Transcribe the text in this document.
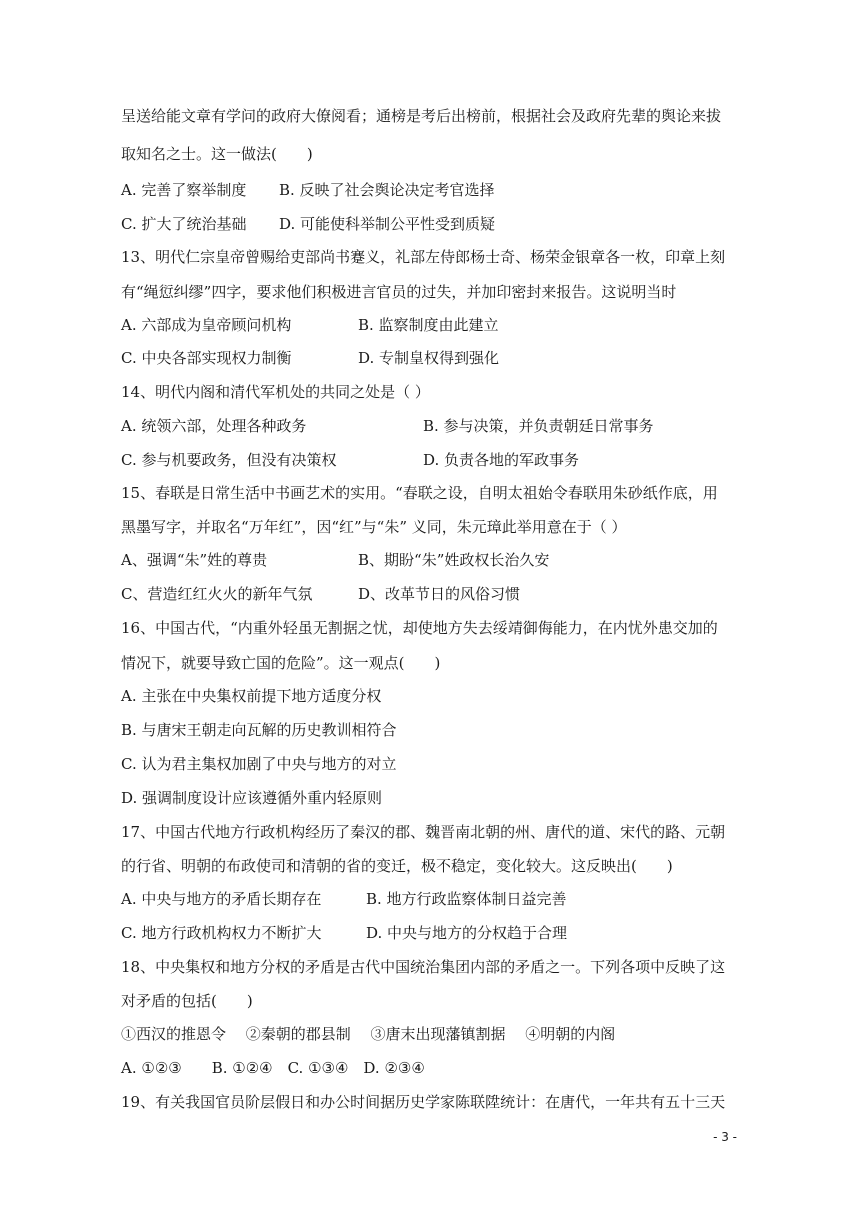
呈送给能文章有学问的政府大僚阅看；通榜是考后出榜前，根据社会及政府先辈的舆论来拔
取知名之士。这一做法(　　)
A. 完善了察举制度 B. 反映了社会舆论决定考官选择
C. 扩大了统治基础 D. 可能使科举制公平性受到质疑
13、明代仁宗皇帝曾赐给吏部尚书蹇义，礼部左侍郎杨士奇、杨荣金银章各一枚，印章上刻
有“绳愆纠缪”四字，要求他们积极进言官员的过失，并加印密封来报告。这说明当时
A. 六部成为皇帝顾问机构	B. 监察制度由此建立
C. 中央各部实现权力制衡	D. 专制皇权得到强化
14、明代内阁和清代军机处的共同之处是（ ）
A. 统领六部，处理各种政务	B. 参与决策，并负责朝廷日常事务
C. 参与机要政务，但没有决策权	D. 负责各地的军政事务
15、春联是日常生活中书画艺术的实用。“春联之设，自明太祖始令春联用朱砂纸作底，用
黑墨写字，并取名“万年红”，因“红”与“朱” 义同，朱元璋此举用意在于（ ）
A、强调“朱”姓的尊贵	B、期盼“朱”姓政权长治久安
C、营造红红火火的新年气氛	D、改革节日的风俗习惯
16、中国古代，“内重外轻虽无割据之忧，却使地方失去绥靖御侮能力，在内忧外患交加的
情况下，就要导致亡国的危险”。这一观点(　　)
A. 主张在中央集权前提下地方适度分权
B. 与唐宋王朝走向瓦解的历史教训相符合
C. 认为君主集权加剧了中央与地方的对立
D. 强调制度设计应该遵循外重内轻原则
17、中国古代地方行政机构经历了秦汉的郡、魏晋南北朝的州、唐代的道、宋代的路、元朝
的行省、明朝的布政使司和清朝的省的变迁，极不稳定，变化较大。这反映出(　　)
A. 中央与地方的矛盾长期存在	B. 地方行政监察体制日益完善
C. 地方行政机构权力不断扩大	D. 中央与地方的分权趋于合理
18、中央集权和地方分权的矛盾是古代中国统治集团内部的矛盾之一。下列各项中反映了这
对矛盾的包括(　　)
①西汉的推恩令　 ②秦朝的郡县制　 ③唐末出现藩镇割据　 ④明朝的内阁
A. ①②③　　B. ①②④　C. ①③④　D. ②③④
19、有关我国官员阶层假日和办公时间据历史学家陈联陞统计：在唐代，一年共有五十三天
- 3 -
